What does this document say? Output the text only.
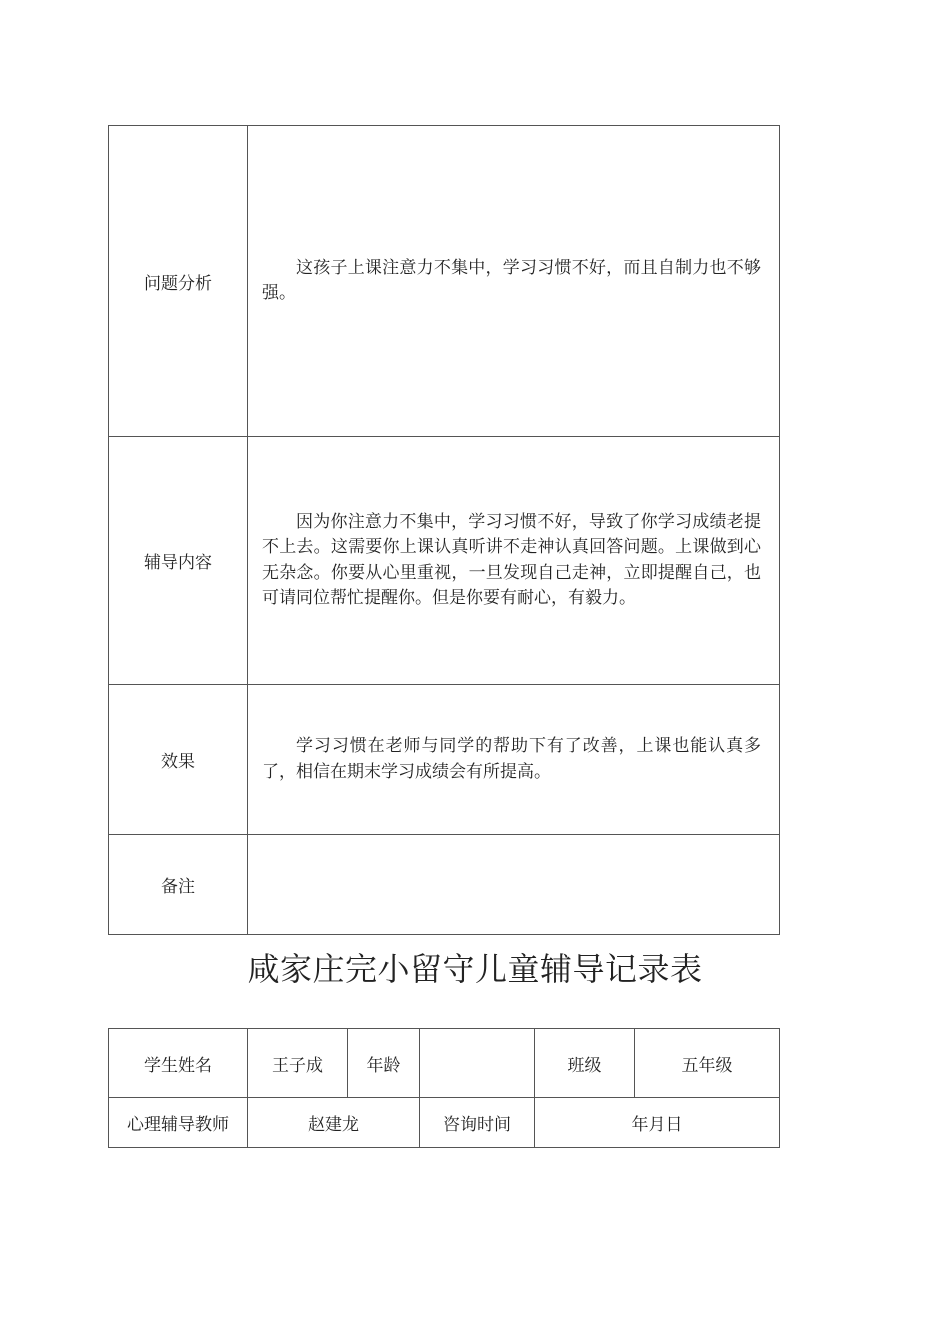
问题分析	这孩子上课注意力不集中，学习习惯不好，而且自制力也不够强。

辅导内容	因为你注意力不集中，学习习惯不好，导致了你学习成绩老提不上去。这需要你上课认真听讲不走神认真回答问题。上课做到心无杂念。你要从心里重视，一旦发现自己走神，立即提醒自己，也可请同位帮忙提醒你。但是你要有耐心，有毅力。

效果	学习习惯在老师与同学的帮助下有了改善，上课也能认真多了，相信在期末学习成绩会有所提高。

备注	
咸家庄完小留守儿童辅导记录表
学生姓名	王子成	年龄		班级	五年级
心理辅导教师	赵建龙		咨询时间	年月日	
